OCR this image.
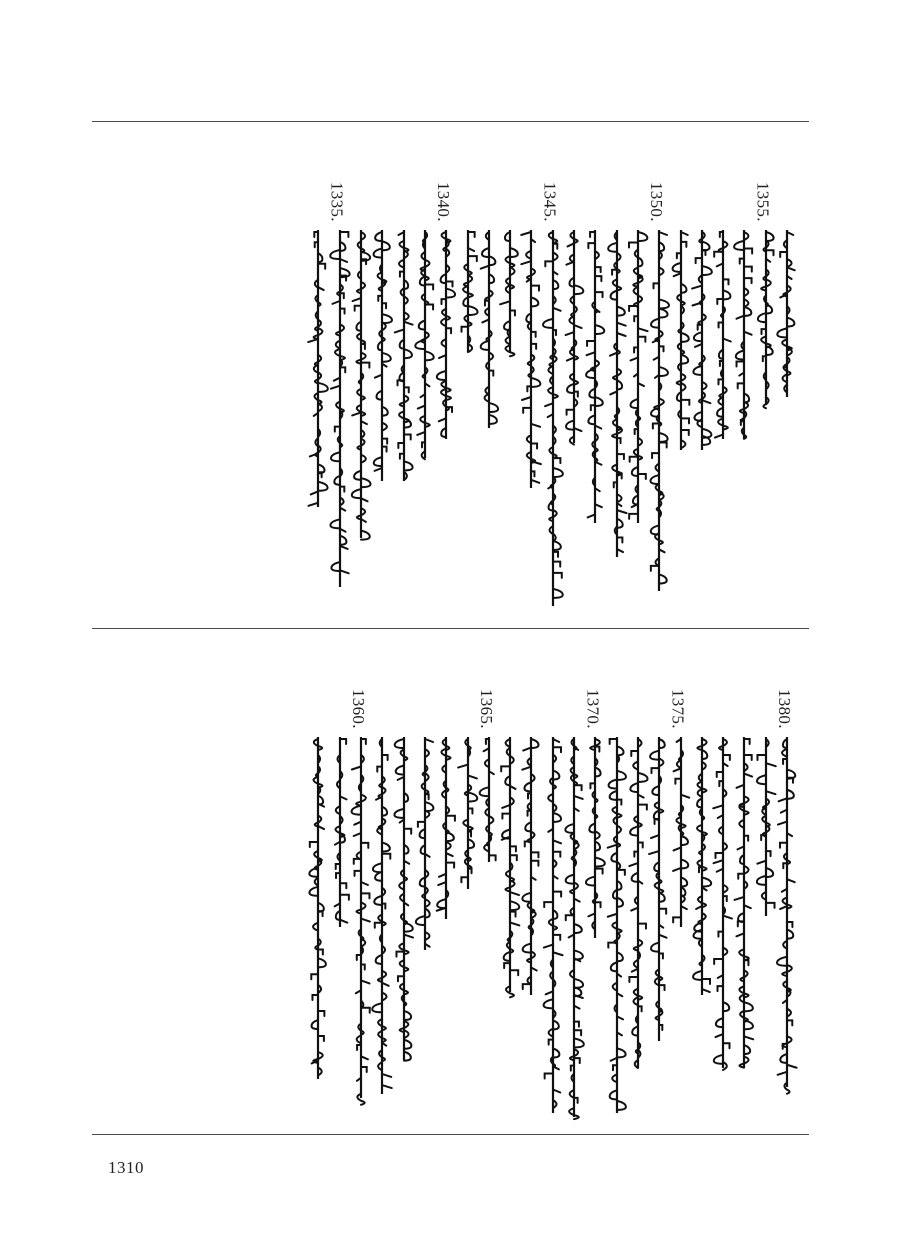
1355.
1350.
1345.
1340.
1335.
1380.
1375.
1370.
1365.
1360.
1310
